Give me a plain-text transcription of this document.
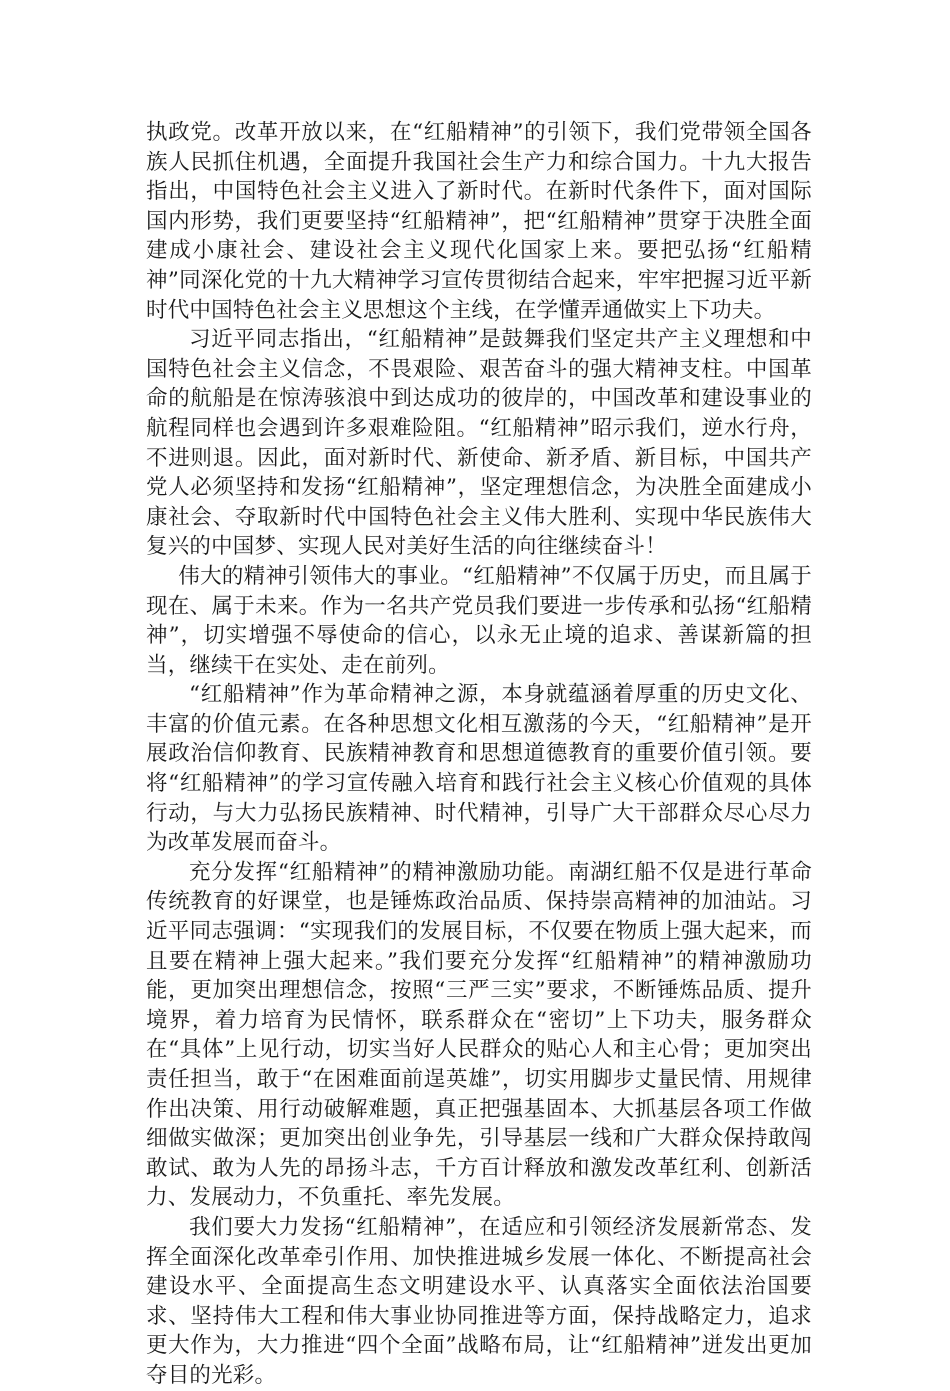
执政党。改革开放以来，在“红船精神”的引领下，我们党带领全国各族人民抓住机遇，全面提升我国社会生产力和综合国力。十九大报告指出，中国特色社会主义进入了新时代。在新时代条件下，面对国际国内形势，我们更要坚持“红船精神”，把“红船精神”贯穿于决胜全面建成小康社会、建设社会主义现代化国家上来。要把弘扬“红船精神”同深化党的十九大精神学习宣传贯彻结合起来，牢牢把握习近平新时代中国特色社会主义思想这个主线，在学懂弄通做实上下功夫。

习近平同志指出，“红船精神”是鼓舞我们坚定共产主义理想和中国特色社会主义信念，不畏艰险、艰苦奋斗的强大精神支柱。中国革命的航船是在惊涛骇浪中到达成功的彼岸的，中国改革和建设事业的航程同样也会遇到许多艰难险阻。“红船精神”昭示我们，逆水行舟，不进则退。因此，面对新时代、新使命、新矛盾、新目标，中国共产党人必须坚持和发扬“红船精神”，坚定理想信念，为决胜全面建成小康社会、夺取新时代中国特色社会主义伟大胜利、实现中华民族伟大复兴的中国梦、实现人民对美好生活的向往继续奋斗！

伟大的精神引领伟大的事业。“红船精神”不仅属于历史，而且属于现在、属于未来。作为一名共产党员我们要进一步传承和弘扬“红船精神”，切实增强不辱使命的信心，以永无止境的追求、善谋新篇的担当，继续干在实处、走在前列。

“红船精神”作为革命精神之源，本身就蕴涵着厚重的历史文化、丰富的价值元素。在各种思想文化相互激荡的今天，“红船精神”是开展政治信仰教育、民族精神教育和思想道德教育的重要价值引领。要将“红船精神”的学习宣传融入培育和践行社会主义核心价值观的具体行动，与大力弘扬民族精神、时代精神，引导广大干部群众尽心尽力为改革发展而奋斗。

充分发挥“红船精神”的精神激励功能。南湖红船不仅是进行革命传统教育的好课堂，也是锤炼政治品质、保持崇高精神的加油站。习近平同志强调：“实现我们的发展目标，不仅要在物质上强大起来，而且要在精神上强大起来。”我们要充分发挥“红船精神”的精神激励功能，更加突出理想信念，按照“三严三实”要求，不断锤炼品质、提升境界，着力培育为民情怀，联系群众在“密切”上下功夫，服务群众在“具体”上见行动，切实当好人民群众的贴心人和主心骨；更加突出责任担当，敢于“在困难面前逞英雄”，切实用脚步丈量民情、用规律作出决策、用行动破解难题，真正把强基固本、大抓基层各项工作做细做实做深；更加突出创业争先，引导基层一线和广大群众保持敢闯敢试、敢为人先的昂扬斗志，千方百计释放和激发改革红利、创新活力、发展动力，不负重托、率先发展。

我们要大力发扬“红船精神”，在适应和引领经济发展新常态、发挥全面深化改革牵引作用、加快推进城乡发展一体化、不断提高社会建设水平、全面提高生态文明建设水平、认真落实全面依法治国要求、坚持伟大工程和伟大事业协同推进等方面，保持战略定力，追求更大作为，大力推进“四个全面”战略布局，让“红船精神”迸发出更加夺目的光彩。
